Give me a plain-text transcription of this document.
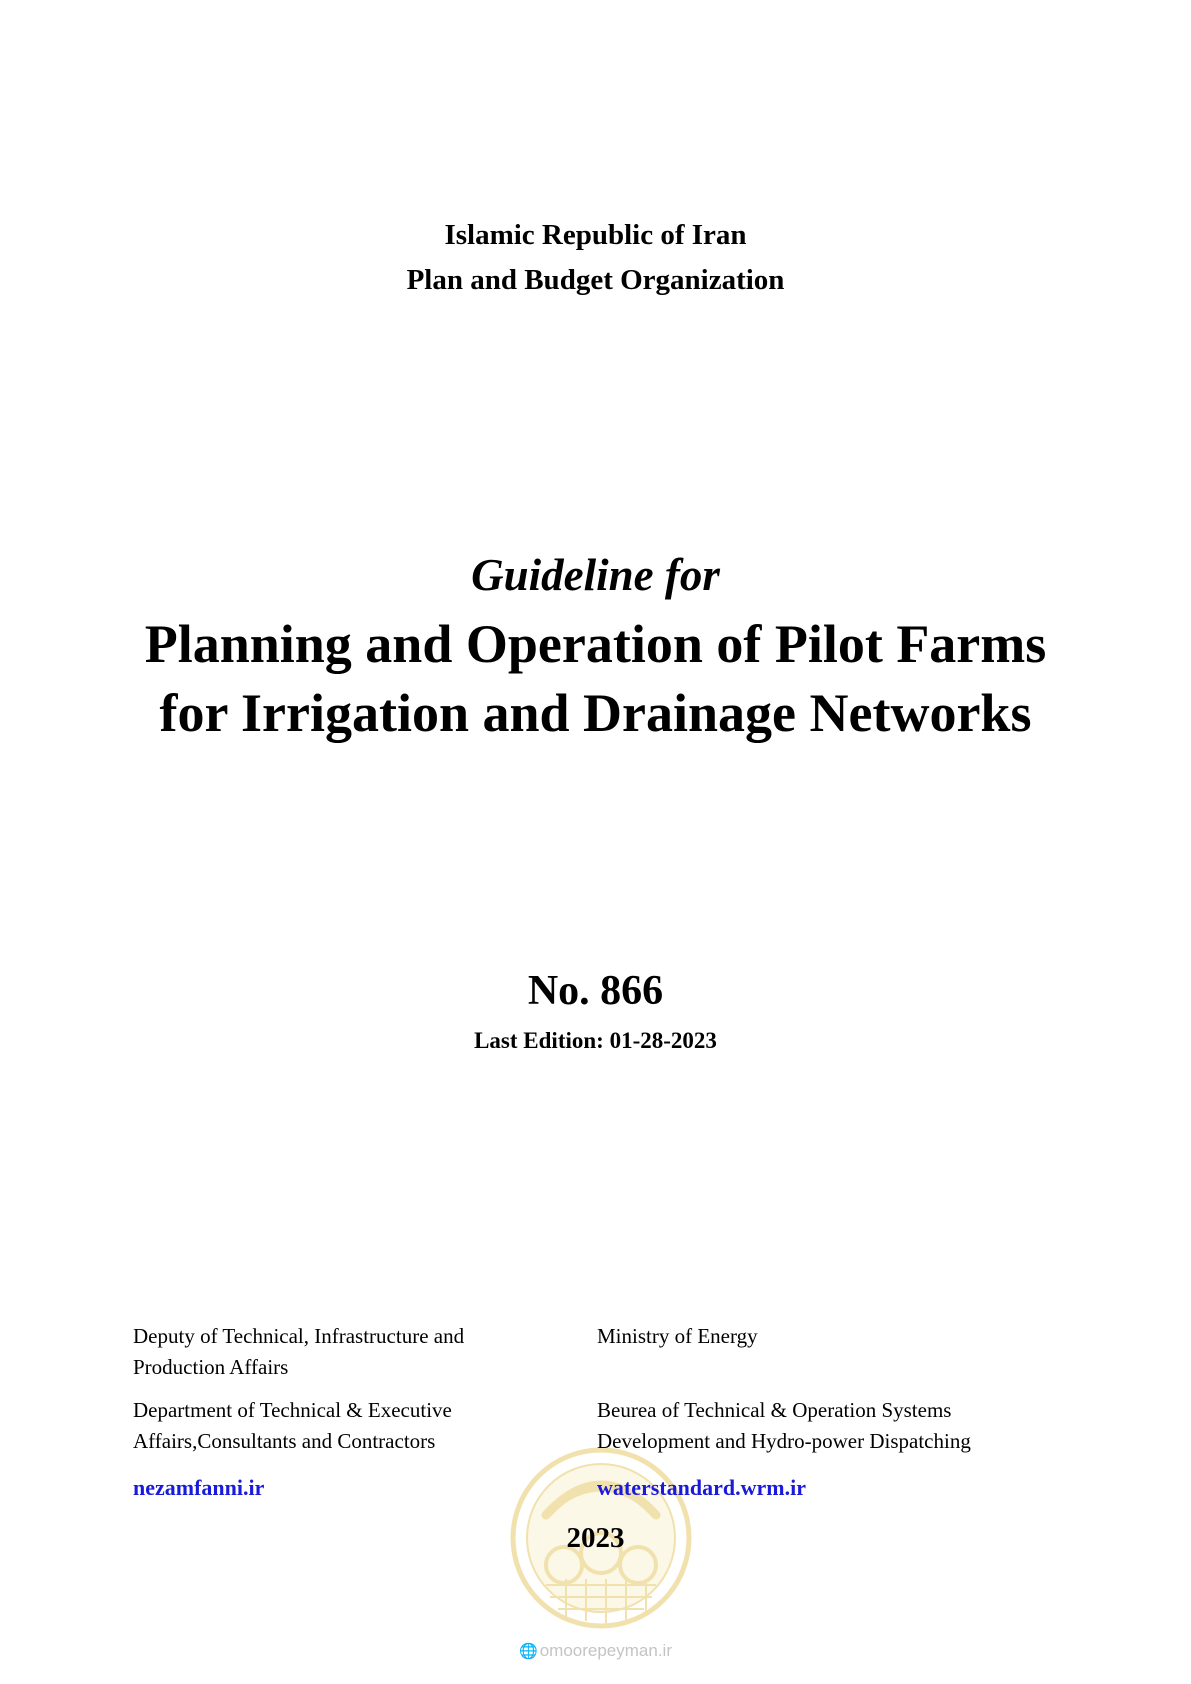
Islamic Republic of Iran
Plan and Budget Organization
Guideline for
Planning and Operation of Pilot Farms
for Irrigation and Drainage Networks
No. 866
Last Edition: 01-28-2023
Deputy of Technical, Infrastructure and
Production Affairs
Department of Technical & Executive
Affairs,Consultants and Contractors
nezamfanni.ir
Ministry of Energy
Beurea of Technical & Operation Systems
Development and Hydro-power Dispatching
waterstandard.wrm.ir
2023
🌐 omoorepeyman.ir
